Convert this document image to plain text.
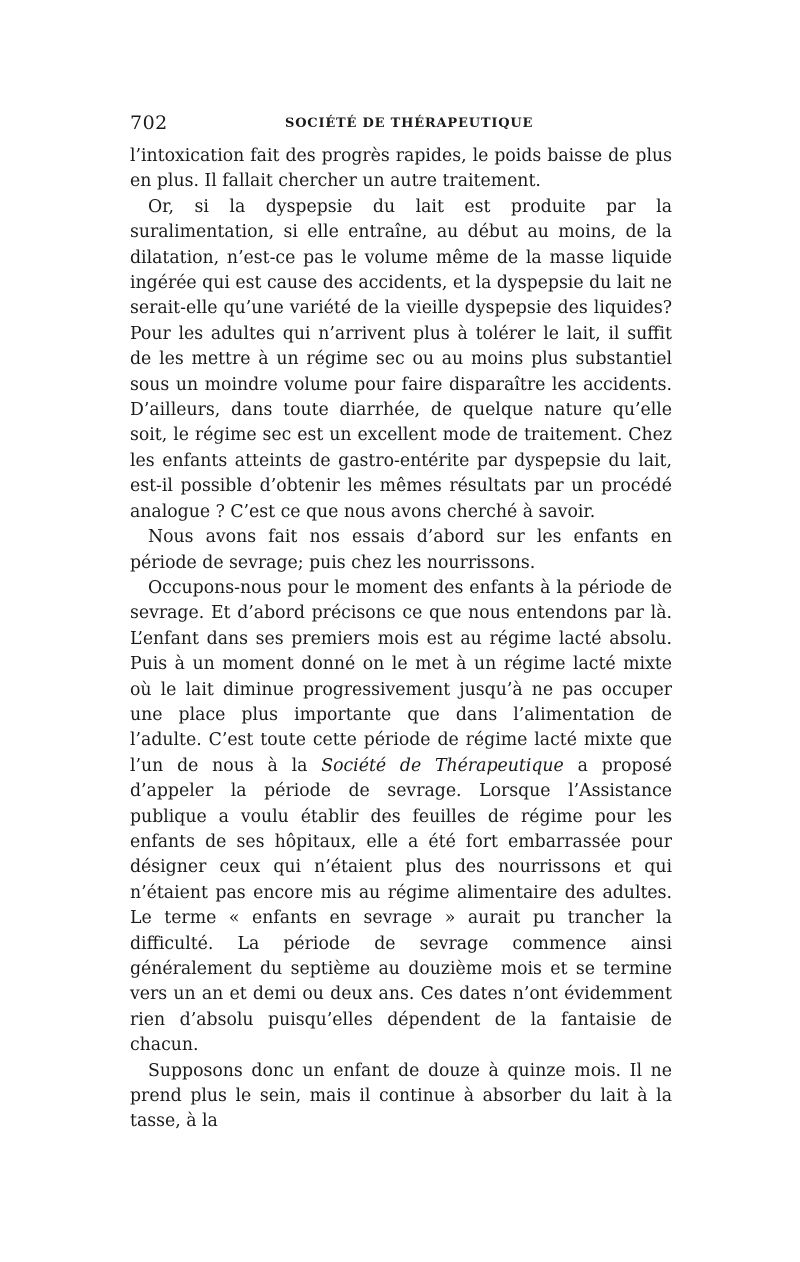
702	SOCIÉTÉ DE THÉRAPEUTIQUE

l’intoxication fait des progrès rapides, le poids baisse de plus en plus. Il fallait chercher un autre traitement.

Or, si la dyspepsie du lait est produite par la suralimentation, si elle entraîne, au début au moins, de la dilatation, n’est-ce pas le volume même de la masse liquide ingérée qui est cause des accidents, et la dyspepsie du lait ne serait-elle qu’une variété de la vieille dyspepsie des liquides? Pour les adultes qui n’arrivent plus à tolérer le lait, il suffit de les mettre à un régime sec ou au moins plus substantiel sous un moindre volume pour faire disparaître les accidents. D’ailleurs, dans toute diarrhée, de quelque nature qu’elle soit, le régime sec est un excellent mode de traitement. Chez les enfants atteints de gastro-entérite par dyspepsie du lait, est-il possible d’obtenir les mêmes résultats par un procédé analogue ? C’est ce que nous avons cherché à savoir.

Nous avons fait nos essais d’abord sur les enfants en période de sevrage; puis chez les nourrissons.

Occupons-nous pour le moment des enfants à la période de sevrage. Et d’abord précisons ce que nous entendons par là. L’enfant dans ses premiers mois est au régime lacté absolu. Puis à un moment donné on le met à un régime lacté mixte où le lait diminue progressivement jusqu’à ne pas occuper une place plus importante que dans l’alimentation de l’adulte. C’est toute cette période de régime lacté mixte que l’un de nous à la Société de Thérapeutique a proposé d’appeler la période de sevrage. Lorsque l’Assistance publique a voulu établir des feuilles de régime pour les enfants de ses hôpitaux, elle a été fort embarrassée pour désigner ceux qui n’étaient plus des nourrissons et qui n’étaient pas encore mis au régime alimentaire des adultes. Le terme « enfants en sevrage » aurait pu trancher la difficulté. La période de sevrage commence ainsi généralement du septième au douzième mois et se termine vers un an et demi ou deux ans. Ces dates n’ont évidemment rien d’absolu puisqu’elles dépendent de la fantaisie de chacun.

Supposons donc un enfant de douze à quinze mois. Il ne prend plus le sein, mais il continue à absorber du lait à la tasse, à la
